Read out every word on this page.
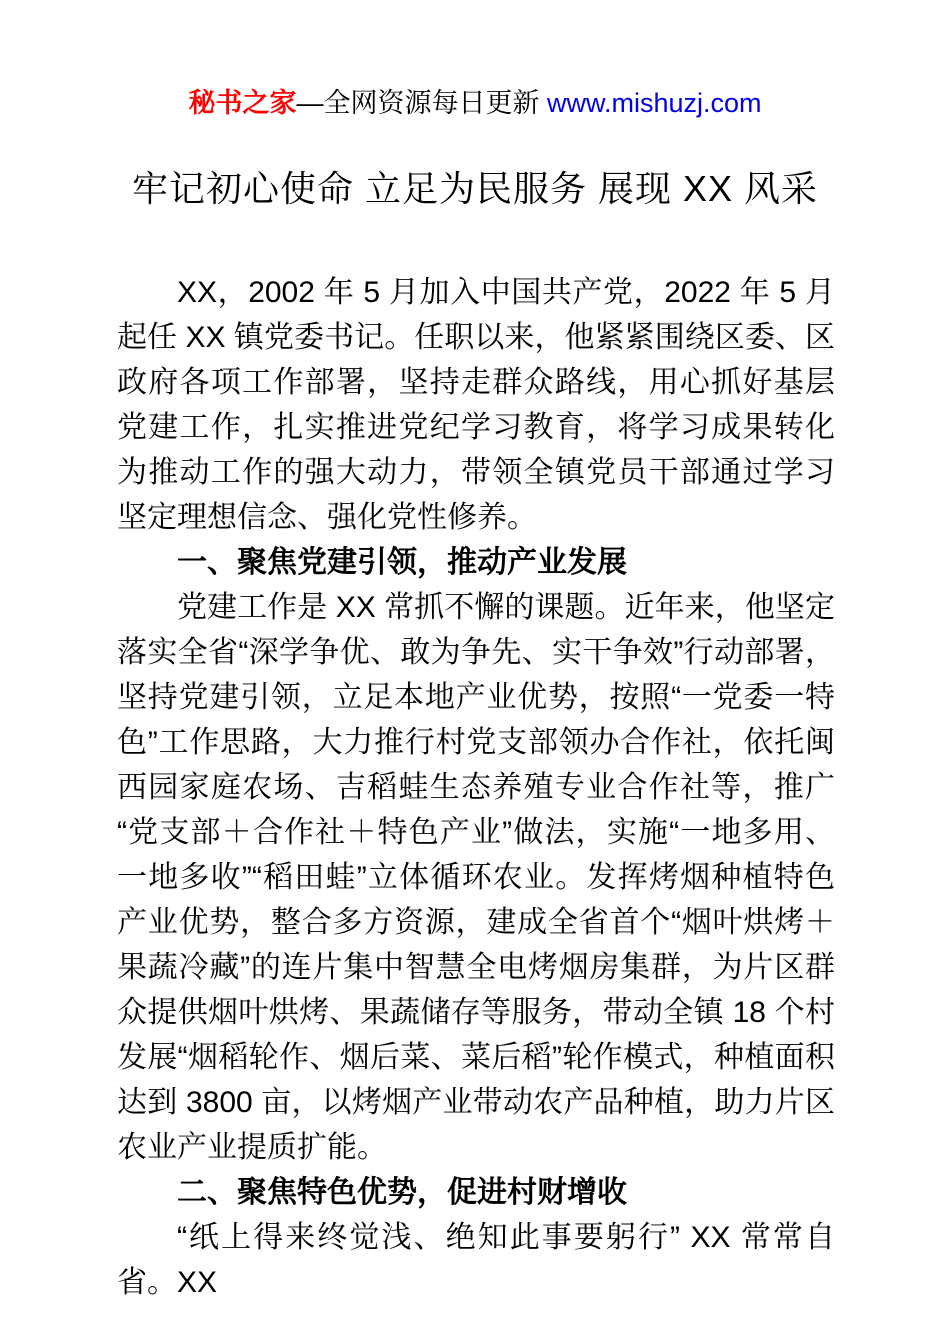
秘书之家—全网资源每日更新 www.mishuzj.com
牢记初心使命 立足为民服务 展现 XX 风采

XX，2002 年 5 月加入中国共产党，2022 年 5 月起任 XX 镇党委书记。任职以来，他紧紧围绕区委、区政府各项工作部署，坚持走群众路线，用心抓好基层党建工作，扎实推进党纪学习教育，将学习成果转化为推动工作的强大动力，带领全镇党员干部通过学习坚定理想信念、强化党性修养。

一、聚焦党建引领，推动产业发展

党建工作是 XX 常抓不懈的课题。近年来，他坚定落实全省“深学争优、敢为争先、实干争效”行动部署，坚持党建引领，立足本地产业优势，按照“一党委一特色”工作思路，大力推行村党支部领办合作社，依托闽西园家庭农场、吉稻蛙生态养殖专业合作社等，推广“党支部＋合作社＋特色产业”做法，实施“一地多用、一地多收”“稻田蛙”立体循环农业。发挥烤烟种植特色产业优势，整合多方资源，建成全省首个“烟叶烘烤＋果蔬冷藏”的连片集中智慧全电烤烟房集群，为片区群众提供烟叶烘烤、果蔬储存等服务，带动全镇 18 个村发展“烟稻轮作、烟后菜、菜后稻”轮作模式，种植面积达到 3800 亩，以烤烟产业带动农产品种植，助力片区农业产业提质扩能。

二、聚焦特色优势，促进村财增收

“纸上得来终觉浅、绝知此事要躬行” XX 常常自省。XX
